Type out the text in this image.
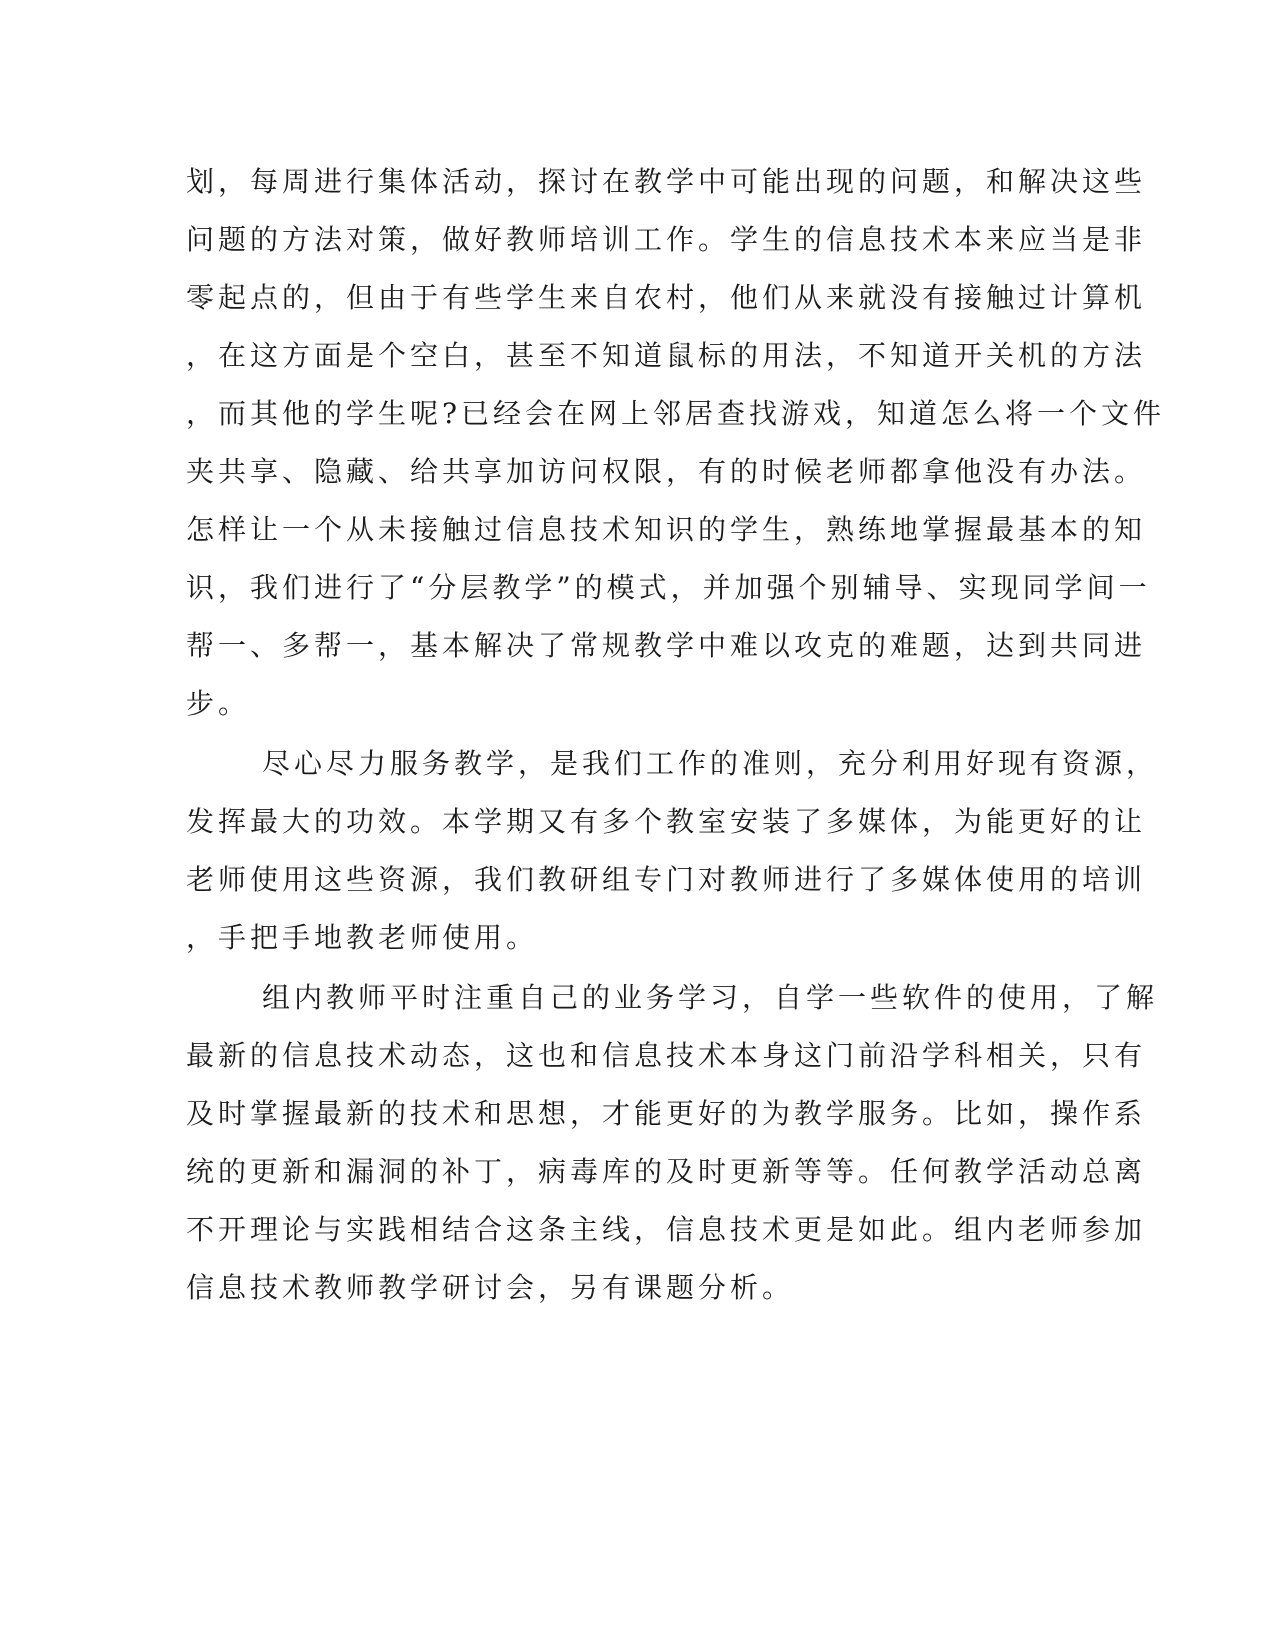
划，每周进行集体活动，探讨在教学中可能出现的问题，和解决这些

问题的方法对策，做好教师培训工作。学生的信息技术本来应当是非

零起点的，但由于有些学生来自农村，他们从来就没有接触过计算机

，在这方面是个空白，甚至不知道鼠标的用法，不知道开关机的方法

，而其他的学生呢?已经会在网上邻居查找游戏，知道怎么将一个文件

夹共享、隐藏、给共享加访问权限，有的时候老师都拿他没有办法。

怎样让一个从未接触过信息技术知识的学生，熟练地掌握最基本的知

识，我们进行了“分层教学”的模式，并加强个别辅导、实现同学间一

帮一、多帮一，基本解决了常规教学中难以攻克的难题，达到共同进

步。

尽心尽力服务教学，是我们工作的准则，充分利用好现有资源，

发挥最大的功效。本学期又有多个教室安装了多媒体，为能更好的让

老师使用这些资源，我们教研组专门对教师进行了多媒体使用的培训

，手把手地教老师使用。

组内教师平时注重自己的业务学习，自学一些软件的使用，了解

最新的信息技术动态，这也和信息技术本身这门前沿学科相关，只有

及时掌握最新的技术和思想，才能更好的为教学服务。比如，操作系

统的更新和漏洞的补丁，病毒库的及时更新等等。任何教学活动总离

不开理论与实践相结合这条主线，信息技术更是如此。组内老师参加

信息技术教师教学研讨会，另有课题分析。
